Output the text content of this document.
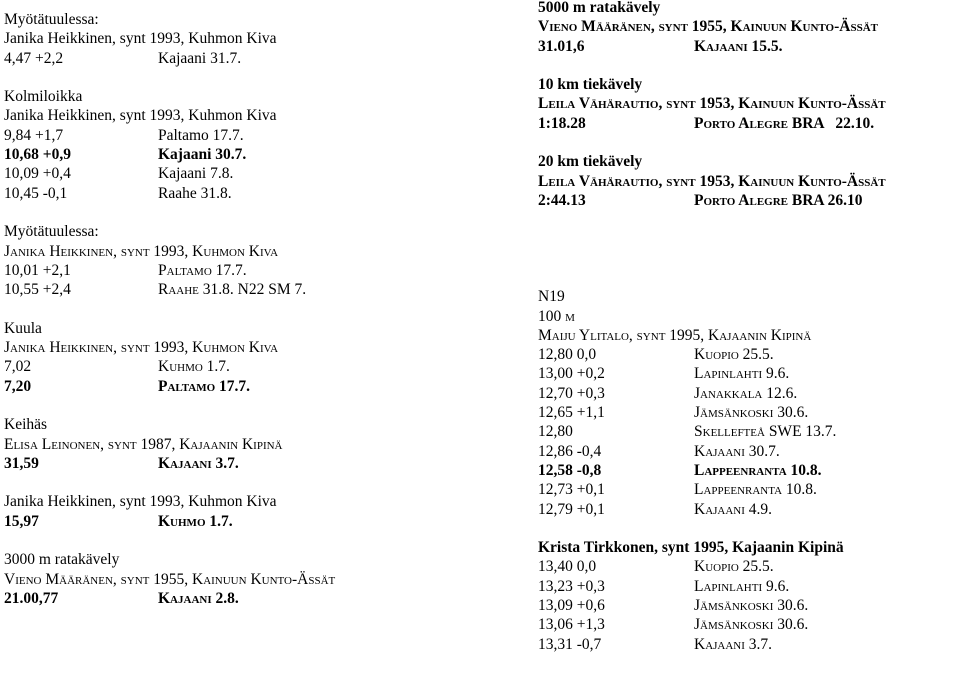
Myötätuulessa:
Janika Heikkinen, synt 1993, Kuhmon Kiva
4,47 +2,2	Kajaani 31.7.
Kolmiloikka
Janika Heikkinen, synt 1993, Kuhmon Kiva
9,84 +1,7	Paltamo 17.7.
10,68 +0,9	Kajaani 30.7.
10,09 +0,4	Kajaani 7.8.
10,45 -0,1	Raahe 31.8.
Myötätuulessa:
Janika Heikkinen, synt 1993, Kuhmon Kiva
10,01 +2,1	Paltamo 17.7.
10,55 +2,4	Raahe 31.8. N22 SM 7.
Kuula
Janika Heikkinen, synt 1993, Kuhmon Kiva
7,02	Kuhmo 1.7.
7,20	Paltamo 17.7.
Keihäs
Elisa Leinonen, synt 1987, Kajaanin Kipinä
31,59	Kajaani 3.7.
Janika Heikkinen, synt 1993, Kuhmon Kiva
15,97	Kuhmo 1.7.
3000 m ratakävely
Vieno Määränen, synt 1955, Kainuun Kunto-Ässät
21.00,77	Kajaani 2.8.
5000 m ratakävely
Vieno Määränen, synt 1955, Kainuun Kunto-Ässät
31.01,6	Kajaani 15.5.
10 km tiekävely
Leila Vähärautio, synt 1953, Kainuun Kunto-Ässät
1:18.28	Porto Alegre BRA   22.10.
20 km tiekävely
Leila Vähärautio, synt 1953, Kainuun Kunto-Ässät
2:44.13	Porto Alegre BRA 26.10
N19
100 m
Maiju Ylitalo, synt 1995, Kajaanin Kipinä
12,80 0,0	Kuopio 25.5.
13,00 +0,2	Lapinlahti 9.6.
12,70 +0,3	Janakkala 12.6.
12,65 +1,1	Jämsänkoski 30.6.
12,80	Skellefteå SWE 13.7.
12,86 -0,4	Kajaani 30.7.
12,58 -0,8	Lappeenranta 10.8.
12,73 +0,1	Lappeenranta 10.8.
12,79 +0,1	Kajaani 4.9.
Krista Tirkkonen, synt 1995, Kajaanin Kipinä
13,40 0,0	Kuopio 25.5.
13,23 +0,3	Lapinlahti 9.6.
13,09 +0,6	Jämsänkoski 30.6.
13,06 +1,3	Jämsänkoski 30.6.
13,31 -0,7	Kajaani 3.7.
